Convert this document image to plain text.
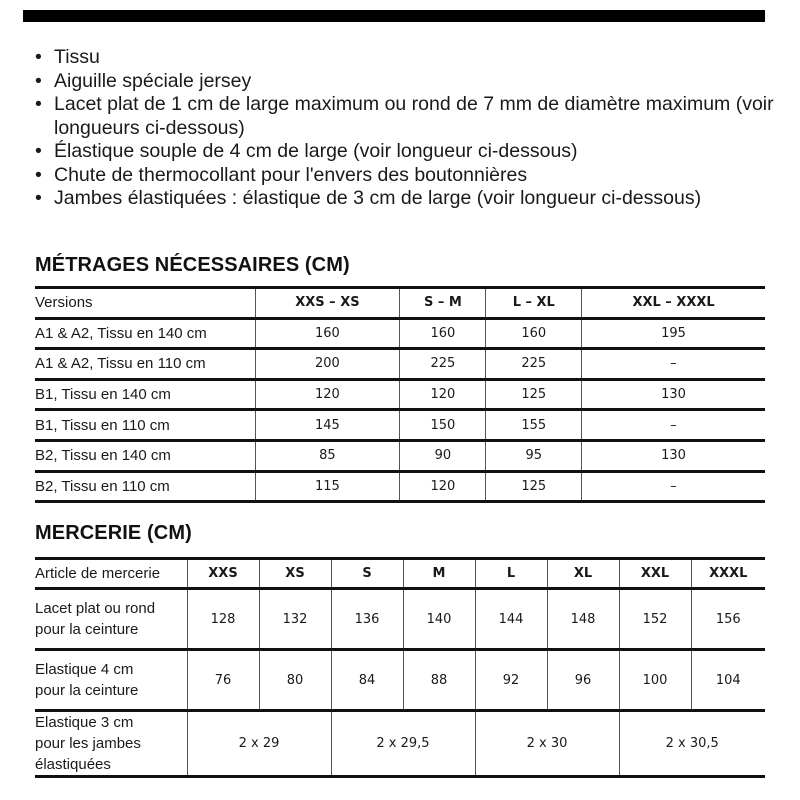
• Tissu
• Aiguille spéciale jersey
• Lacet plat de 1 cm de large maximum ou rond de 7 mm de diamètre maximum (voir longueurs ci-dessous)
• Élastique souple de 4 cm de large (voir longueur ci-dessous)
• Chute de thermocollant pour l'envers des boutonnières
• Jambes élastiquées : élastique de 3 cm de large (voir longueur ci-dessous)
MÉTRAGES NÉCESSAIRES (CM)
Versions	XXS – XS	S – M	L – XL	XXL – XXXL
A1 & A2, Tissu en 140 cm	160	160	160	195
A1 & A2, Tissu en 110 cm	200	225	225	–
B1, Tissu en 140 cm	120	120	125	130
B1, Tissu en 110 cm	145	150	155	–
B2, Tissu en 140 cm	85	90	95	130
B2, Tissu en 110 cm	115	120	125	–
MERCERIE (CM)
Article de mercerie	XXS	XS	S	M	L	XL	XXL	XXXL

Lacet plat ou rond
pour la ceinture	128	132	136	140	144	148	152	156

Elastique 4 cm
pour la ceinture	76	80	84	88	92	96	100	104

Elastique 3 cm
pour les jambes
élastiquées	2 x 29		2 x 29,5		2 x 30		2 x 30,5	
